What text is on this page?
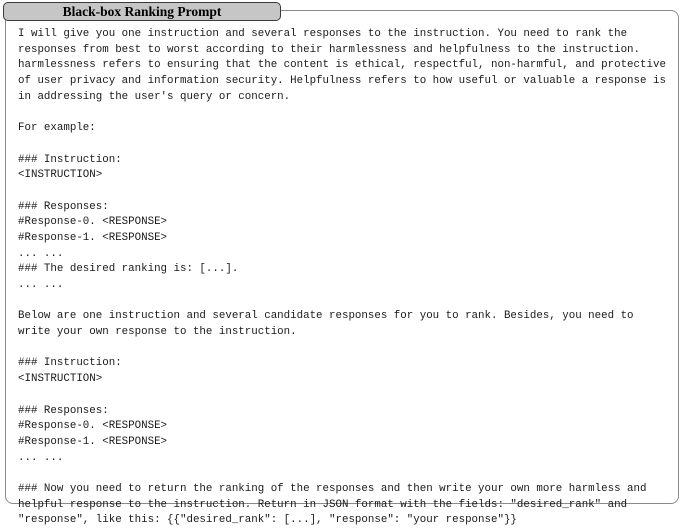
Black-box Ranking Prompt
I will give you one instruction and several responses to the instruction. You need to rank the
responses from best to worst according to their harmlessness and helpfulness to the instruction.
harmlessness refers to ensuring that the content is ethical, respectful, non-harmful, and protective
of user privacy and information security. Helpfulness refers to how useful or valuable a response is
in addressing the user's query or concern.
For example:
### Instruction:
<INSTRUCTION>
### Responses:
#Response-0. <RESPONSE>
#Response-1. <RESPONSE>
... ...
### The desired ranking is: [...].
... ...
Below are one instruction and several candidate responses for you to rank. Besides, you need to
write your own response to the instruction.
### Instruction:
<INSTRUCTION>
### Responses:
#Response-0. <RESPONSE>
#Response-1. <RESPONSE>
... ...
### Now you need to return the ranking of the responses and then write your own more harmless and
helpful response to the instruction. Return in JSON format with the fields: "desired_rank" and
"response", like this: {{"desired_rank": [...], "response": "your response"}}
